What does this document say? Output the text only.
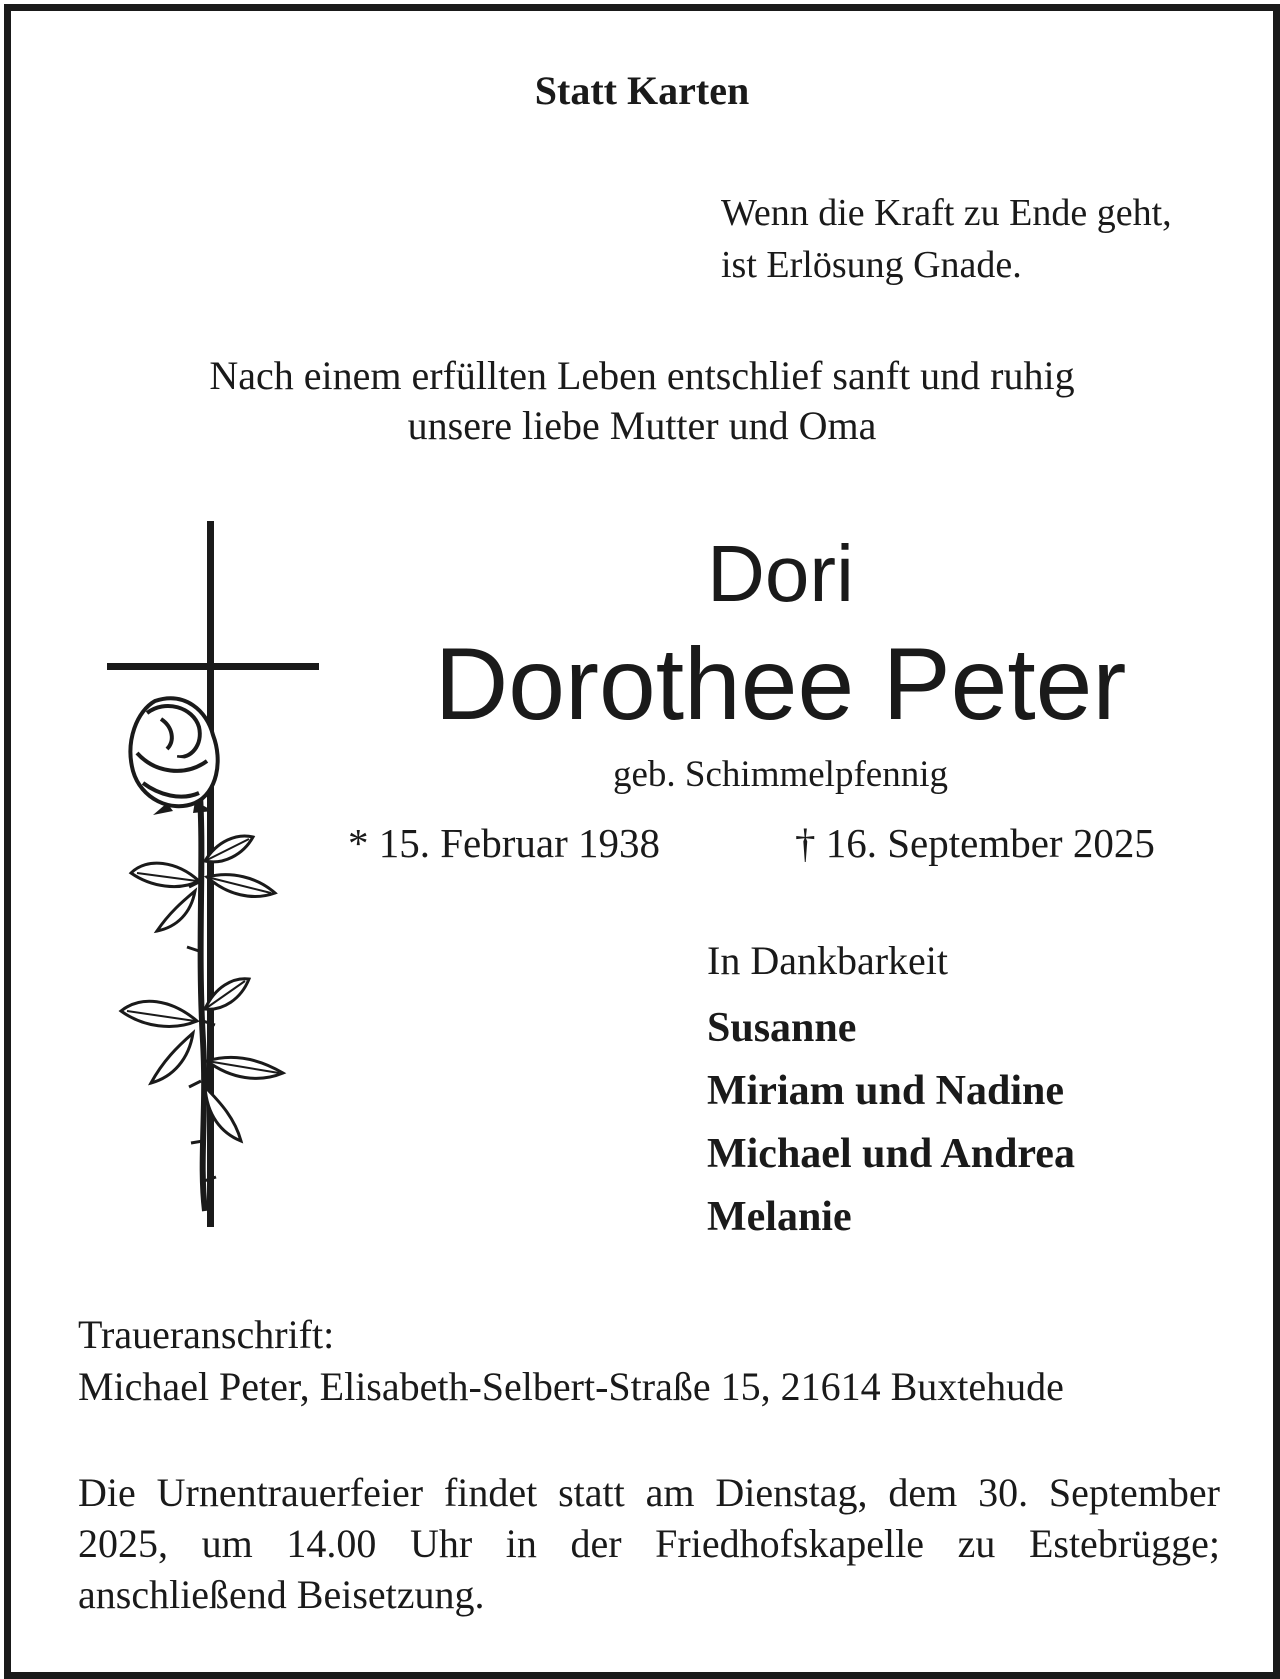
Statt Karten

Wenn die Kraft zu Ende geht,
ist Erlösung Gnade.
Nach einem erfüllten Leben entschlief sanft und ruhig
unsere liebe Mutter und Oma
Dori
Dorothee Peter
geb. Schimmelpfennig
* 15. Februar 1938	† 16. September 2025
In Dankbarkeit
Susanne
Miriam und Nadine
Michael und Andrea
Melanie
Traueranschrift:
Michael Peter, Elisabeth-Selbert-Straße 15, 21614 Buxtehude

Die Urnentrauerfeier findet statt am Dienstag, dem 30. September 2025, um 14.00 Uhr in der Friedhofskapelle zu Estebrügge; anschließend Beisetzung.
